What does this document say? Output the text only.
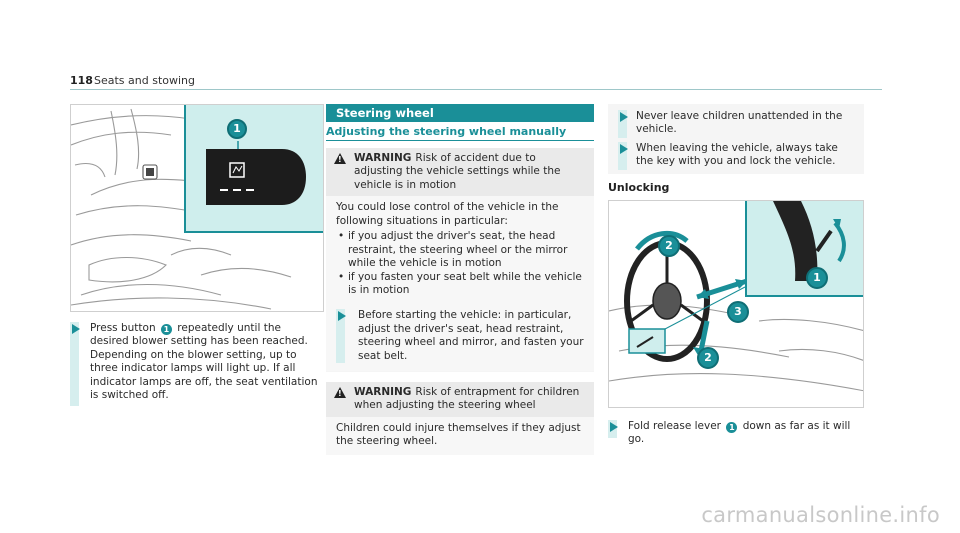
118 Seats and stowing
1
Press button 1 repeatedly until the desired blower setting has been reached. Depending on the blower setting, up to three indicator lamps will light up. If all indicator lamps are off, the seat ventilation is switched off.
Steering wheel
Adjusting the steering wheel manually
!
WARNING Risk of accident due to adjusting the vehicle settings while the vehicle is in motion
You could lose control of the vehicle in the following situations in particular:
• if you adjust the driver's seat, the head restraint, the steering wheel or the mirror while the vehicle is in motion
• if you fasten your seat belt while the vehicle is in motion
Before starting the vehicle: in particular, adjust the driver's seat, head restraint, steering wheel and mirror, and fasten your seat belt.
!
WARNING Risk of entrapment for children when adjusting the steering wheel
Children could injure themselves if they adjust the steering wheel.
Never leave children unattended in the vehicle.
When leaving the vehicle, always take the key with you and lock the vehicle.
Unlocking
1
2
3
2
Fold release lever 1 down as far as it will go.
carmanualsonline.info
